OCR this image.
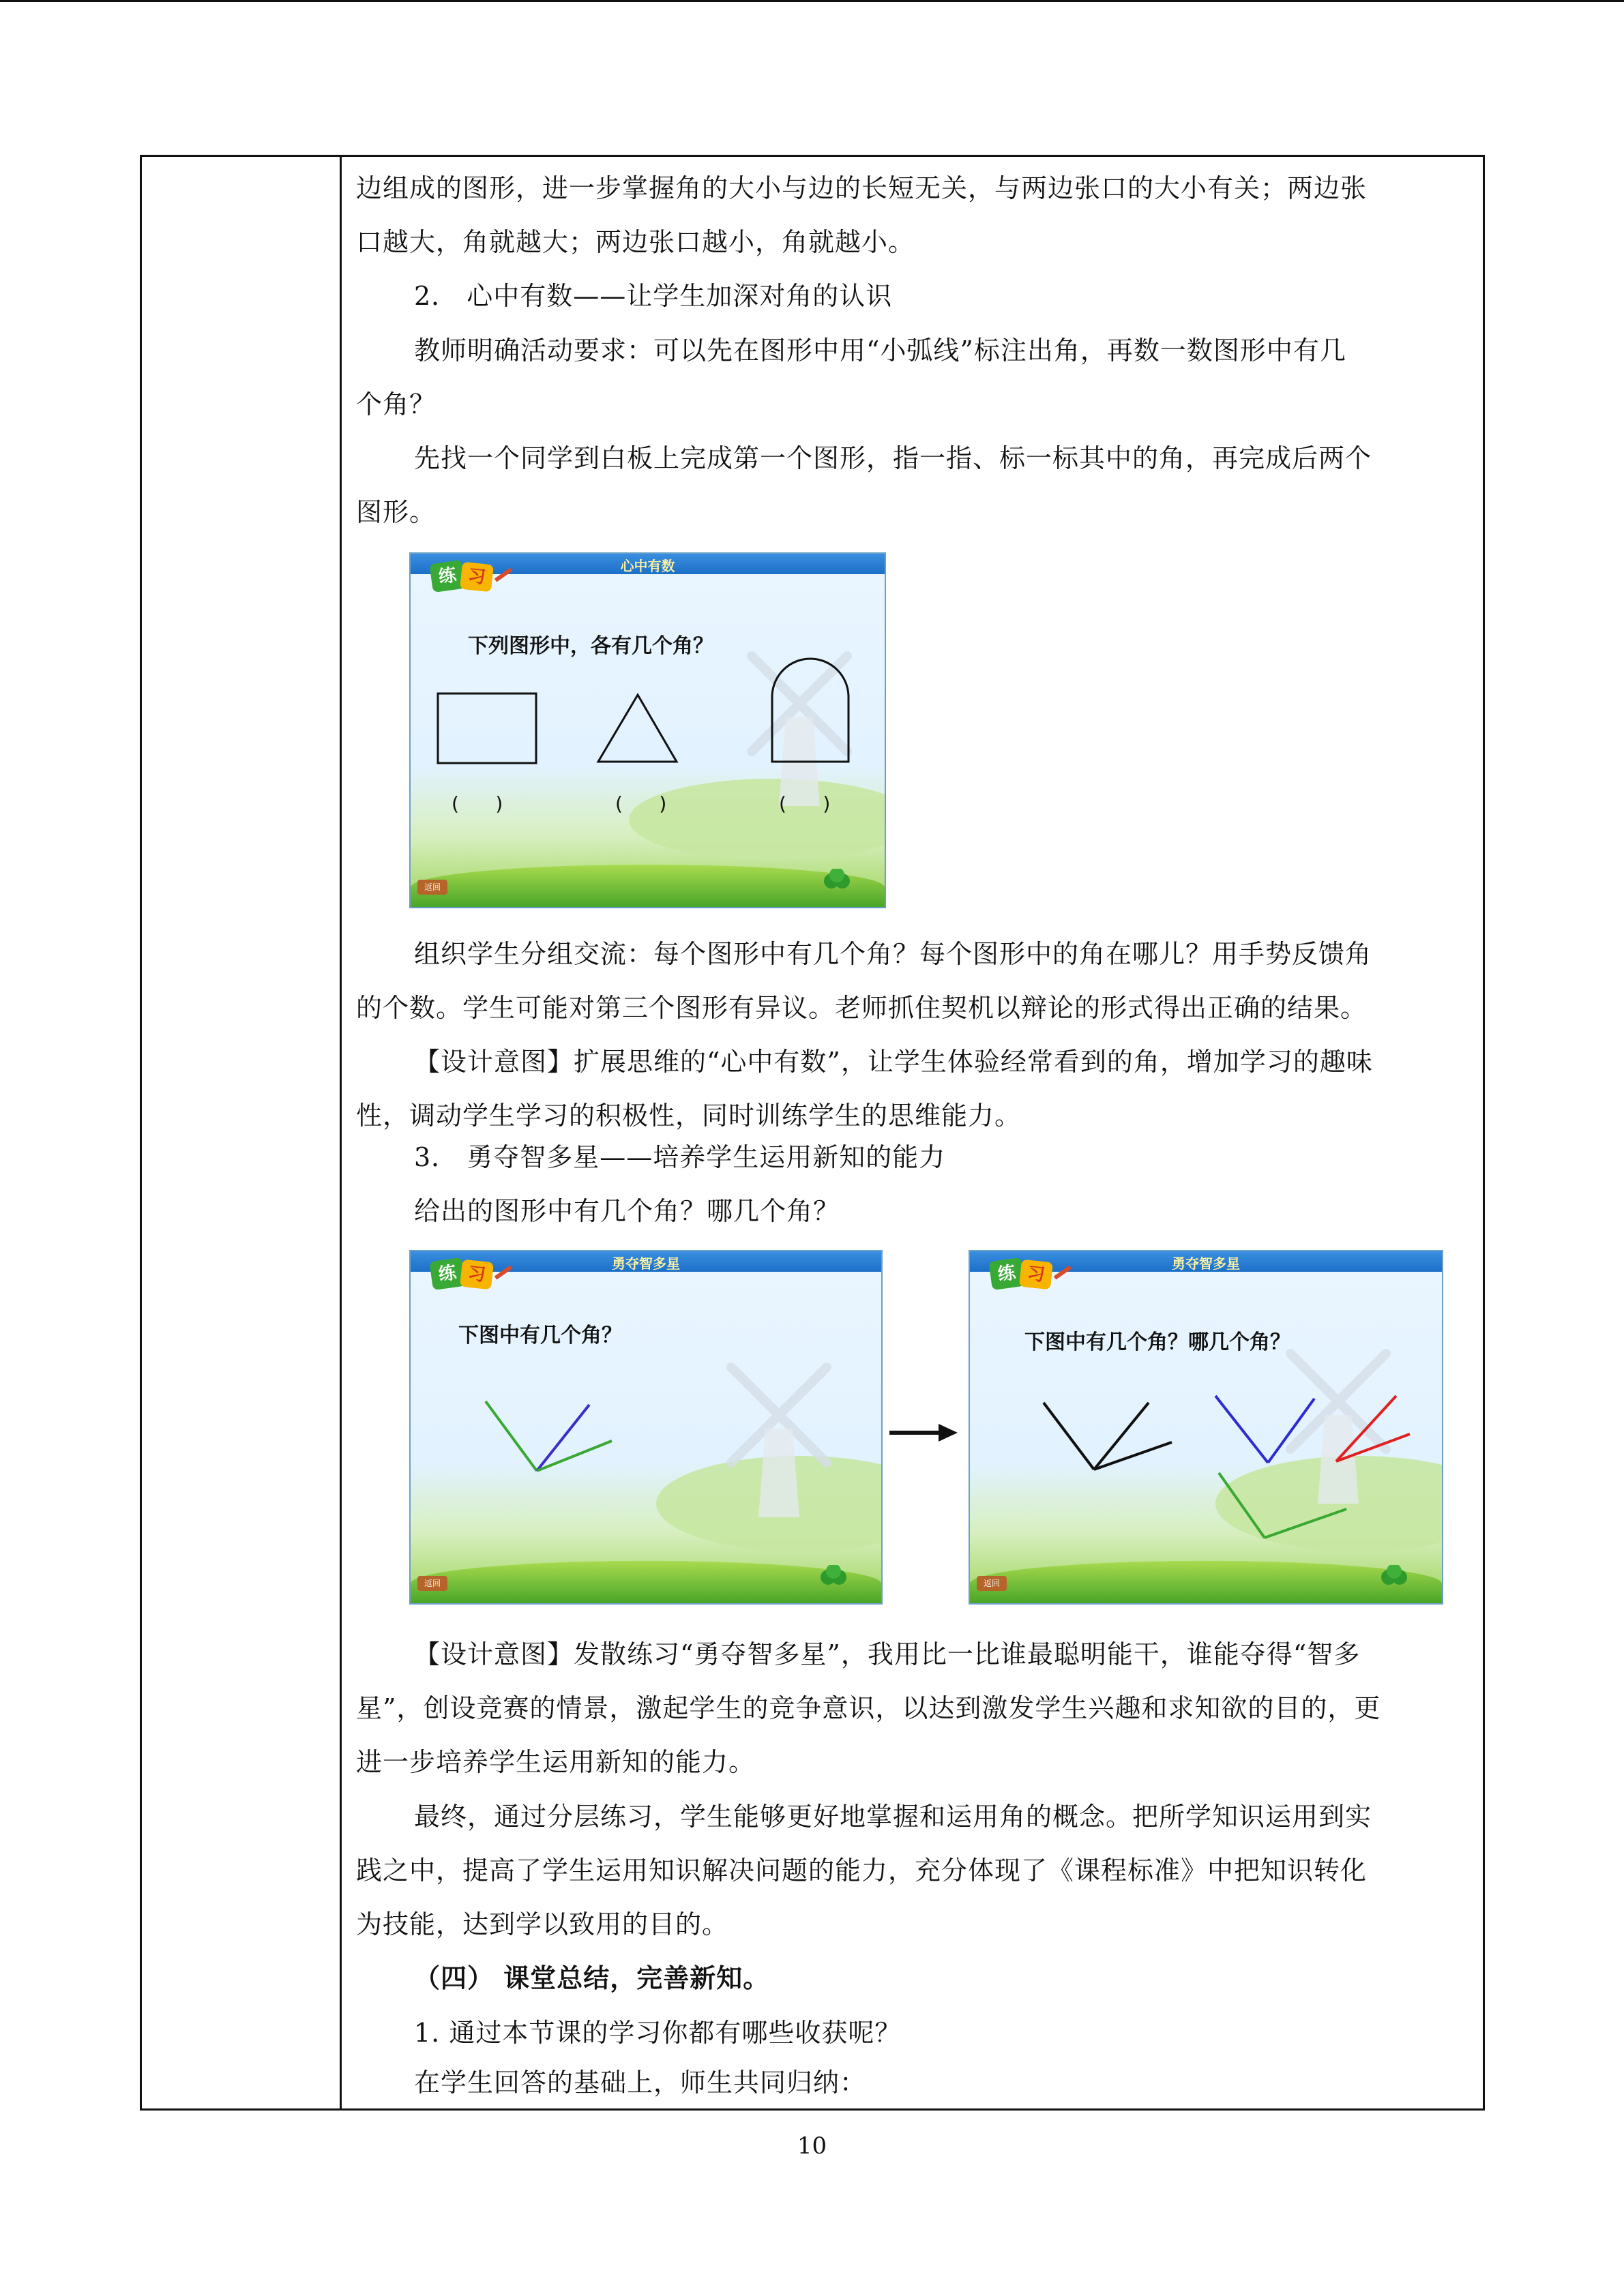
边组成的图形，进一步掌握角的大小与边的长短无关，与两边张口的大小有关；两边张
口越大，角就越大；两边张口越小，角就越小。
2． 心中有数——让学生加深对角的认识
教师明确活动要求：可以先在图形中用“小弧线”标注出角，再数一数图形中有几
个角？
先找一个同学到白板上完成第一个图形，指一指、标一标其中的角，再完成后两个
图形。
组织学生分组交流：每个图形中有几个角？每个图形中的角在哪儿？用手势反馈角
的个数。学生可能对第三个图形有异议。老师抓住契机以辩论的形式得出正确的结果。
【设计意图】扩展思维的“心中有数”，让学生体验经常看到的角，增加学习的趣味
性，调动学生学习的积极性，同时训练学生的思维能力。
3． 勇夺智多星——培养学生运用新知的能力
给出的图形中有几个角？哪几个角？
【设计意图】发散练习“勇夺智多星”，我用比一比谁最聪明能干，谁能夺得“智多
星”，创设竞赛的情景，激起学生的竞争意识，以达到激发学生兴趣和求知欲的目的，更
进一步培养学生运用新知的能力。
最终，通过分层练习，学生能够更好地掌握和运用角的概念。把所学知识运用到实
践之中，提高了学生运用知识解决问题的能力，充分体现了《课程标准》中把知识转化
为技能，达到学以致用的目的。
（四） 课堂总结，完善新知。
1. 通过本节课的学习你都有哪些收获呢？
在学生回答的基础上，师生共同归纳：
心中有数
练 习
下列图形中，各有几个角？
(      )	(      )	(      )
返回
勇夺智多星
练 习
下图中有几个角？
返回
勇夺智多星
练 习
下图中有几个角？哪几个角？
返回
10
